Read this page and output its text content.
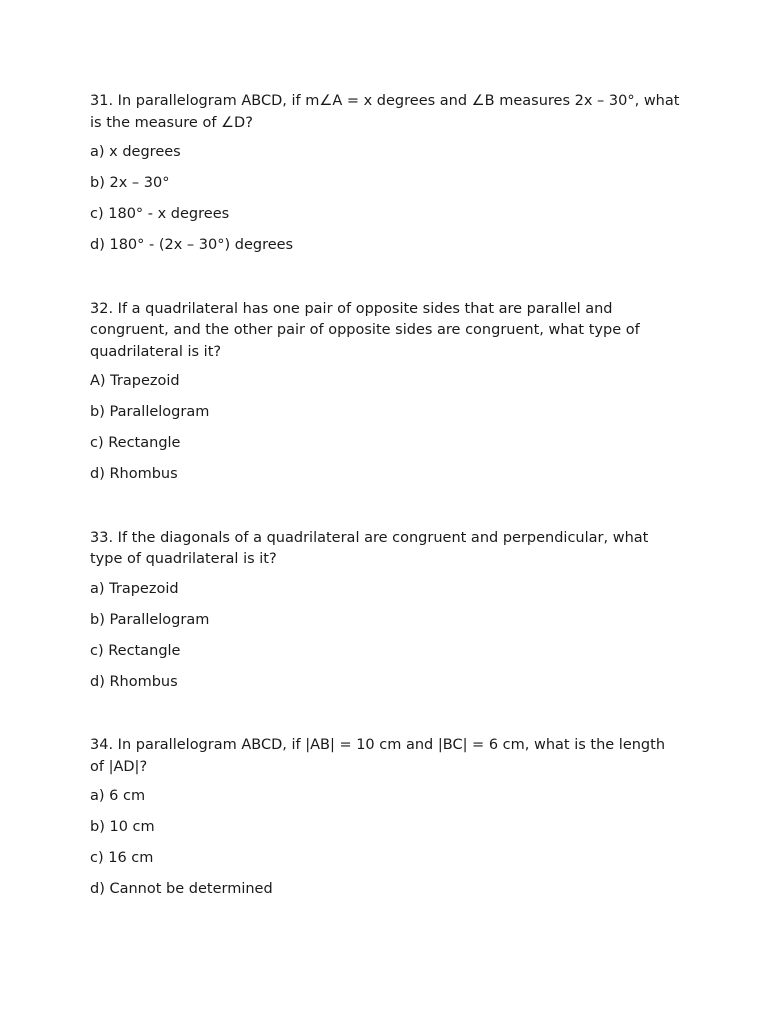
31. In parallelogram ABCD, if m∠A = x degrees and ∠B measures 2x – 30°, what is the measure of ∠D?

a) x degrees
b) 2x – 30°
c) 180° - x degrees
d) 180° - (2x – 30°) degrees

32. If a quadrilateral has one pair of opposite sides that are parallel and congruent, and the other pair of opposite sides are congruent, what type of quadrilateral is it?

A) Trapezoid
b) Parallelogram
c) Rectangle
d) Rhombus

33. If the diagonals of a quadrilateral are congruent and perpendicular, what type of quadrilateral is it?

a) Trapezoid
b) Parallelogram
c) Rectangle
d) Rhombus

34. In parallelogram ABCD, if |AB| = 10 cm and |BC| = 6 cm, what is the length of |AD|?

a) 6 cm
b) 10 cm
c) 16 cm
d) Cannot be determined
